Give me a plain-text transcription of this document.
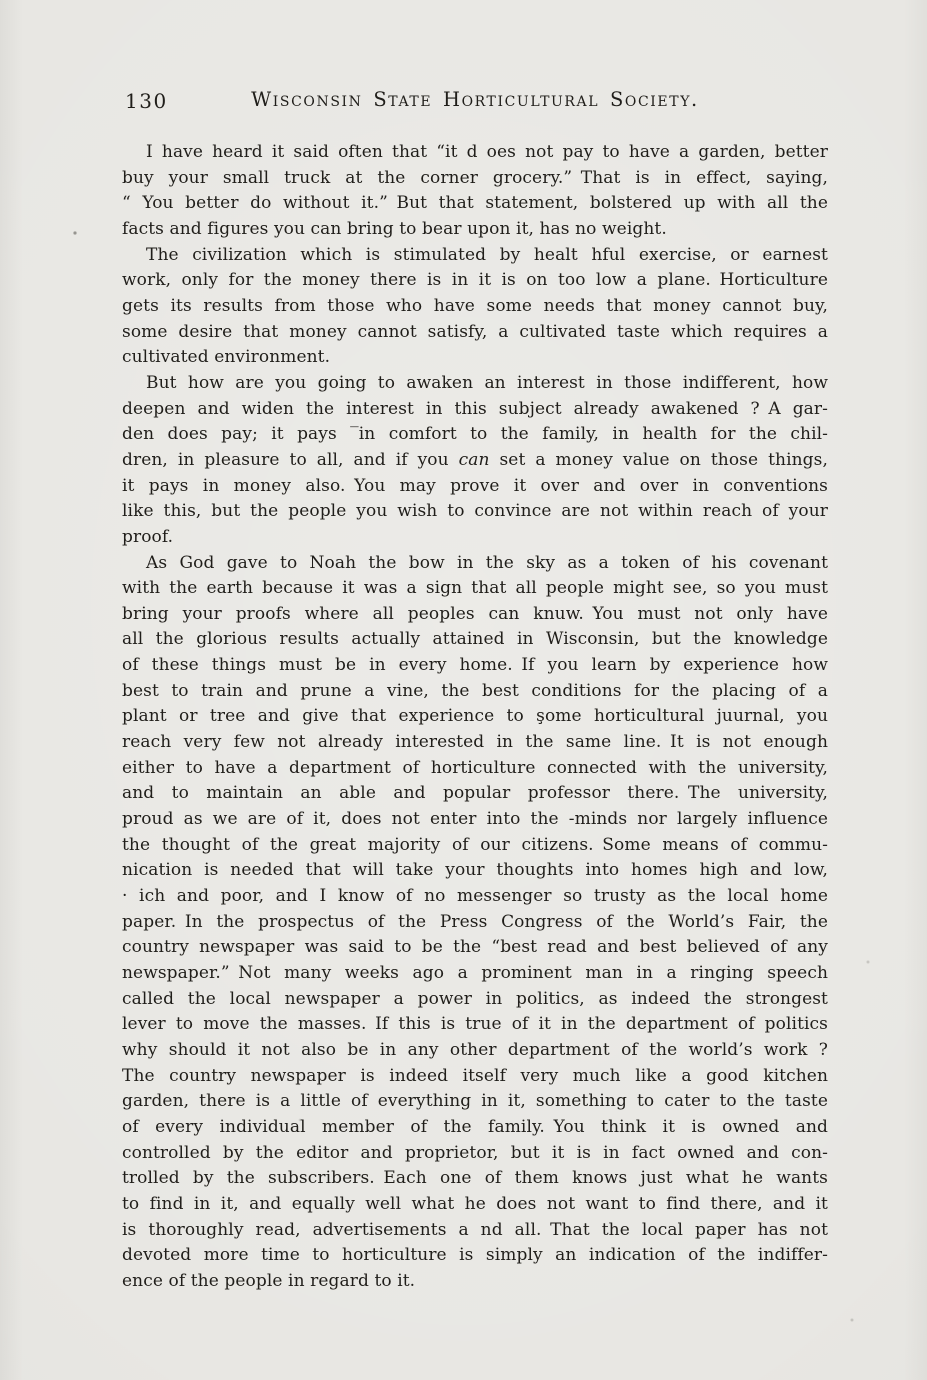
130	Wisconsin State Horticultural Society.
I have heard it said often that “it d oes not pay to have a garden, better
buy your small truck at the corner grocery.” That is in effect, saying,
“ You better do without it.” But that statement, bolstered up with all the
facts and figures you can bring to bear upon it, has no weight.
The civilization which is stimulated by healt hful exercise, or earnest
work, only for the money there is in it is on too low a plane. Horticulture
gets its results from those who have some needs that money cannot buy,
some desire that money cannot satisfy, a cultivated taste which requires a
cultivated environment.
But how are you going to awaken an interest in those indifferent, how
deepen and widen the interest in this subject already awakened ? A gar-
den does pay; it pays ‾in comfort to the family, in health for the chil-
dren, in pleasure to all, and if you can set a money value on those things,
it pays in money also. You may prove it over and over in conventions
like this, but the people you wish to convince are not within reach of your
proof.
As God gave to Noah the bow in the sky as a token of his covenant
with the earth because it was a sign that all people might see, so you must
bring your proofs where all peoples can knuw. You must not only have
all the glorious results actually attained in Wisconsin, but the knowledge
of these things must be in every home. If you learn by experience how
best to train and prune a vine, the best conditions for the placing of a
plant or tree and give that experience to şome horticultural juurnal, you
reach very few not already interested in the same line. It is not enough
either to have a department of horticulture connected with the university,
and to maintain an able and popular professor there. The university,
proud as we are of it, does not enter into the -minds nor largely influence
the thought of the great majority of our citizens. Some means of commu-
nication is needed that will take your thoughts into homes high and low,
· ich and poor, and I know of no messenger so trusty as the local home
paper. In the prospectus of the Press Congress of the World’s Fair, the
country newspaper was said to be the “best read and best believed of any
newspaper.” Not many weeks ago a prominent man in a ringing speech
called the local newspaper a power in politics, as indeed the strongest
lever to move the masses. If this is true of it in the department of politics
why should it not also be in any other department of the world’s work ?
The country newspaper is indeed itself very much like a good kitchen
garden, there is a little of everything in it, something to cater to the taste
of every individual member of the family. You think it is owned and
controlled by the editor and proprietor, but it is in fact owned and con-
trolled by the subscribers. Each one of them knows just what he wants
to find in it, and equally well what he does not want to find there, and it
is thoroughly read, advertisements a nd all. That the local paper has not
devoted more time to horticulture is simply an indication of the indiffer-
ence of the people in regard to it.
